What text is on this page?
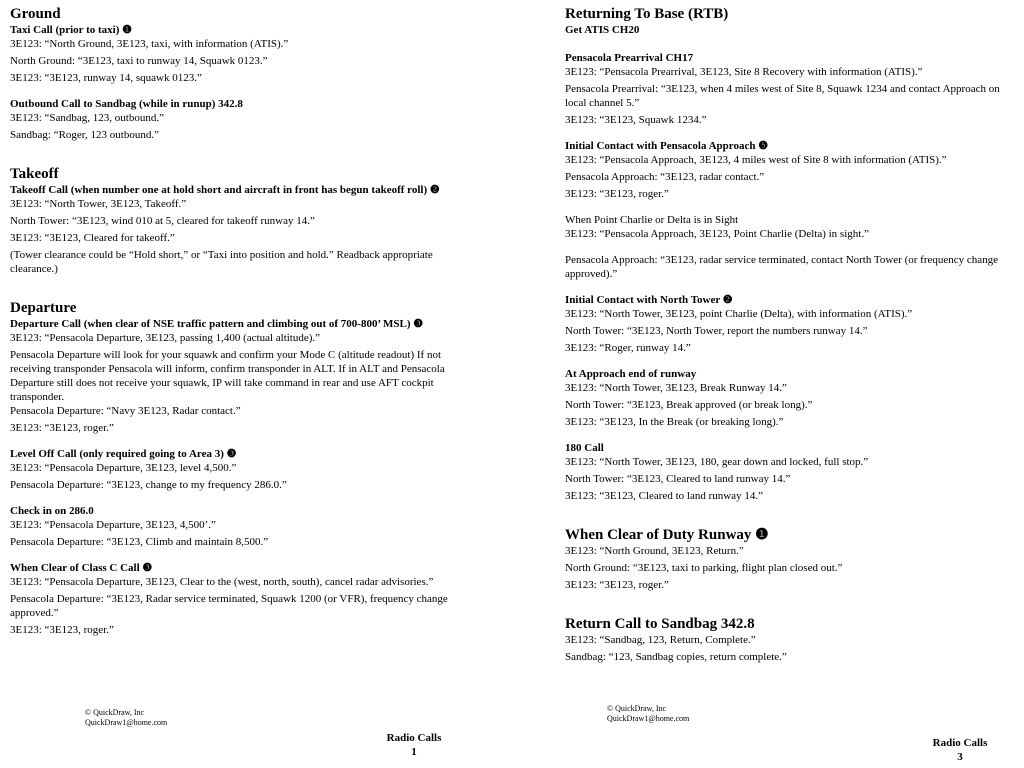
Ground
Taxi Call (prior to taxi) ❶
3E123: “North Ground, 3E123, taxi, with information (ATIS).”
North Ground: “3E123, taxi to runway 14, Squawk 0123.”
3E123: “3E123, runway 14, squawk 0123.”
Outbound Call to Sandbag (while in runup) 342.8
3E123: “Sandbag, 123, outbound.”
Sandbag: “Roger, 123 outbound.”
Takeoff
Takeoff Call (when number one at hold short and aircraft in front has begun takeoff roll) ❷
3E123: “North Tower, 3E123, Takeoff.”
North Tower: “3E123, wind 010 at 5, cleared for takeoff runway 14.”
3E123: “3E123, Cleared for takeoff.”
(Tower clearance could be “Hold short,” or “Taxi into position and hold.” Readback appropriate clearance.)
Departure
Departure Call (when clear of NSE traffic pattern and climbing out of 700-800’ MSL) ❸
3E123: “Pensacola Departure, 3E123, passing 1,400 (actual altitude).”
Pensacola Departure will look for your squawk and confirm your Mode C (altitude readout) If not receiving transponder Pensacola will inform, confirm transponder in ALT. If in ALT and Pensacola Departure still does not receive your squawk, IP will take command in rear and use AFT cockpit transponder.
Pensacola Departure: “Navy 3E123, Radar contact.”
3E123: “3E123, roger.”
Level Off Call (only required going to Area 3) ❸
3E123: “Pensacola Departure, 3E123, level 4,500.”
Pensacola Departure: “3E123, change to my frequency 286.0.”
Check in on 286.0
3E123: “Pensacola Departure, 3E123, 4,500’.”
Pensacola Departure: “3E123, Climb and maintain 8,500.”
When Clear of Class C Call ❸
3E123: “Pensacola Departure, 3E123, Clear to the (west, north, south), cancel radar advisories.”
Pensacola Departure: “3E123, Radar service terminated, Squawk 1200 (or VFR), frequency change approved.”
3E123: “3E123, roger.”
© QuickDraw, Inc
QuickDraw1@home.com
Radio Calls
1
Returning To Base (RTB)
Get ATIS CH20
Pensacola Prearrival CH17
3E123: “Pensacola Prearrival, 3E123, Site 8 Recovery with information (ATIS).”
Pensacola Prearrival: “3E123, when 4 miles west of Site 8, Squawk 1234 and contact Approach on local channel 5.”
3E123: “3E123, Squawk 1234.”
Initial Contact with Pensacola Approach ❺
3E123: “Pensacola Approach, 3E123, 4 miles west of Site 8 with information (ATIS).”
Pensacola Approach: “3E123, radar contact.”
3E123: “3E123, roger.”
When Point Charlie or Delta is in Sight
3E123: “Pensacola Approach, 3E123, Point Charlie (Delta) in sight.”
Pensacola Approach: “3E123, radar service terminated, contact North Tower (or frequency change approved).”
Initial Contact with North Tower ❷
3E123: “North Tower, 3E123, point Charlie (Delta), with information (ATIS).”
North Tower: “3E123, North Tower, report the numbers runway 14.”
3E123: “Roger, runway 14.”
At Approach end of runway
3E123: “North Tower, 3E123, Break Runway 14.”
North Tower: “3E123, Break approved (or break long).”
3E123: “3E123, In the Break (or breaking long).”
180 Call
3E123: “North Tower, 3E123, 180, gear down and locked, full stop.”
North Tower: “3E123, Cleared to land runway 14.”
3E123: “3E123, Cleared to land runway 14.”
When Clear of Duty Runway ❶
3E123: “North Ground, 3E123, Return.”
North Ground: “3E123, taxi to parking, flight plan closed out.”
3E123: “3E123, roger.”
Return Call to Sandbag 342.8
3E123: “Sandbag, 123, Return, Complete.”
Sandbag: “123, Sandbag copies, return complete.”
© QuickDraw, Inc
QuickDraw1@home.com
Radio Calls
3
